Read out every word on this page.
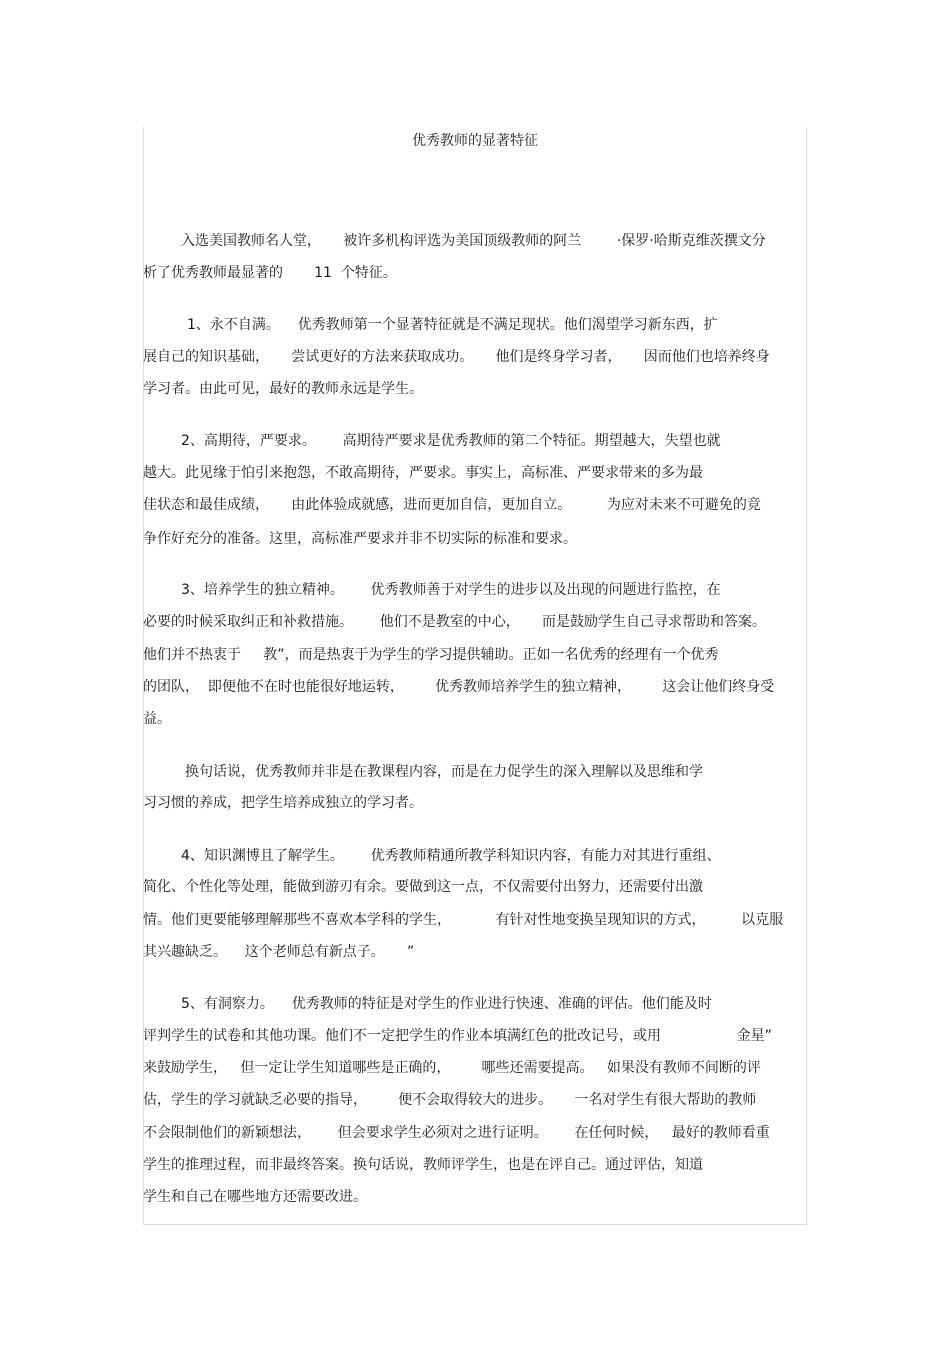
优秀教师的显著特征

入选美国教师名人堂，     被许多机构评选为美国顶级教师的阿兰        ·保罗·哈斯克维茨撰文分

析了优秀教师最显著的       11  个特征。

1、永不自满。    优秀教师第一个显著特征就是不满足现状。他们渴望学习新东西，扩

展自己的知识基础，     尝试更好的方法来获取成功。     他们是终身学习者，     因而他们也培养终身

学习者。由此可见，最好的教师永远是学生。

2、高期待，严要求。      高期待严要求是优秀教师的第二个特征。期望越大，失望也就

越大。此见缘于怕引来抱怨，不敢高期待，严要求。事实上，高标准、严要求带来的多为最

佳状态和最佳成绩，     由此体验成就感，进而更加自信，更加自立。        为应对未来不可避免的竞

争作好充分的准备。这里，高标准严要求并非不切实际的标准和要求。

3、培养学生的独立精神。      优秀教师善于对学生的进步以及出现的问题进行监控，在

必要的时候采取纠正和补救措施。      他们不是教室的中心，     而是鼓励学生自己寻求帮助和答案。

他们并不热衷于     教”，而是热衷于为学生的学习提供辅助。正如一名优秀的经理有一个优秀

的团队，  即便他不在时也能很好地运转，       优秀教师培养学生的独立精神，       这会让他们终身受

益。

换句话说，优秀教师并非是在教课程内容，而是在力促学生的深入理解以及思维和学

习习惯的养成，把学生培养成独立的学习者。

4、知识渊博且了解学生。      优秀教师精通所教学科知识内容，有能力对其进行重组、

简化、个性化等处理，能做到游刃有余。要做到这一点，不仅需要付出努力，还需要付出激

情。他们更要能够理解那些不喜欢本学科的学生，          有针对性地变换呈现知识的方式，        以克服

其兴趣缺乏。    这个老师总有新点子。     ”

5、有洞察力。    优秀教师的特征是对学生的作业进行快速、准确的评估。他们能及时

评判学生的试卷和其他功课。他们不一定把学生的作业本填满红色的批改记号，或用                 金星”

来鼓励学生，   但一定让学生知道哪些是正确的，       哪些还需要提高。   如果没有教师不间断的评

估，学生的学习就缺乏必要的指导，       便不会取得较大的进步。     一名对学生有很大帮助的教师

不会限制他们的新颖想法，      但会要求学生必须对之进行证明。      在任何时候，   最好的教师看重

学生的推理过程，而非最终答案。换句话说，教师评学生，也是在评自己。通过评估，知道

学生和自己在哪些地方还需要改进。
